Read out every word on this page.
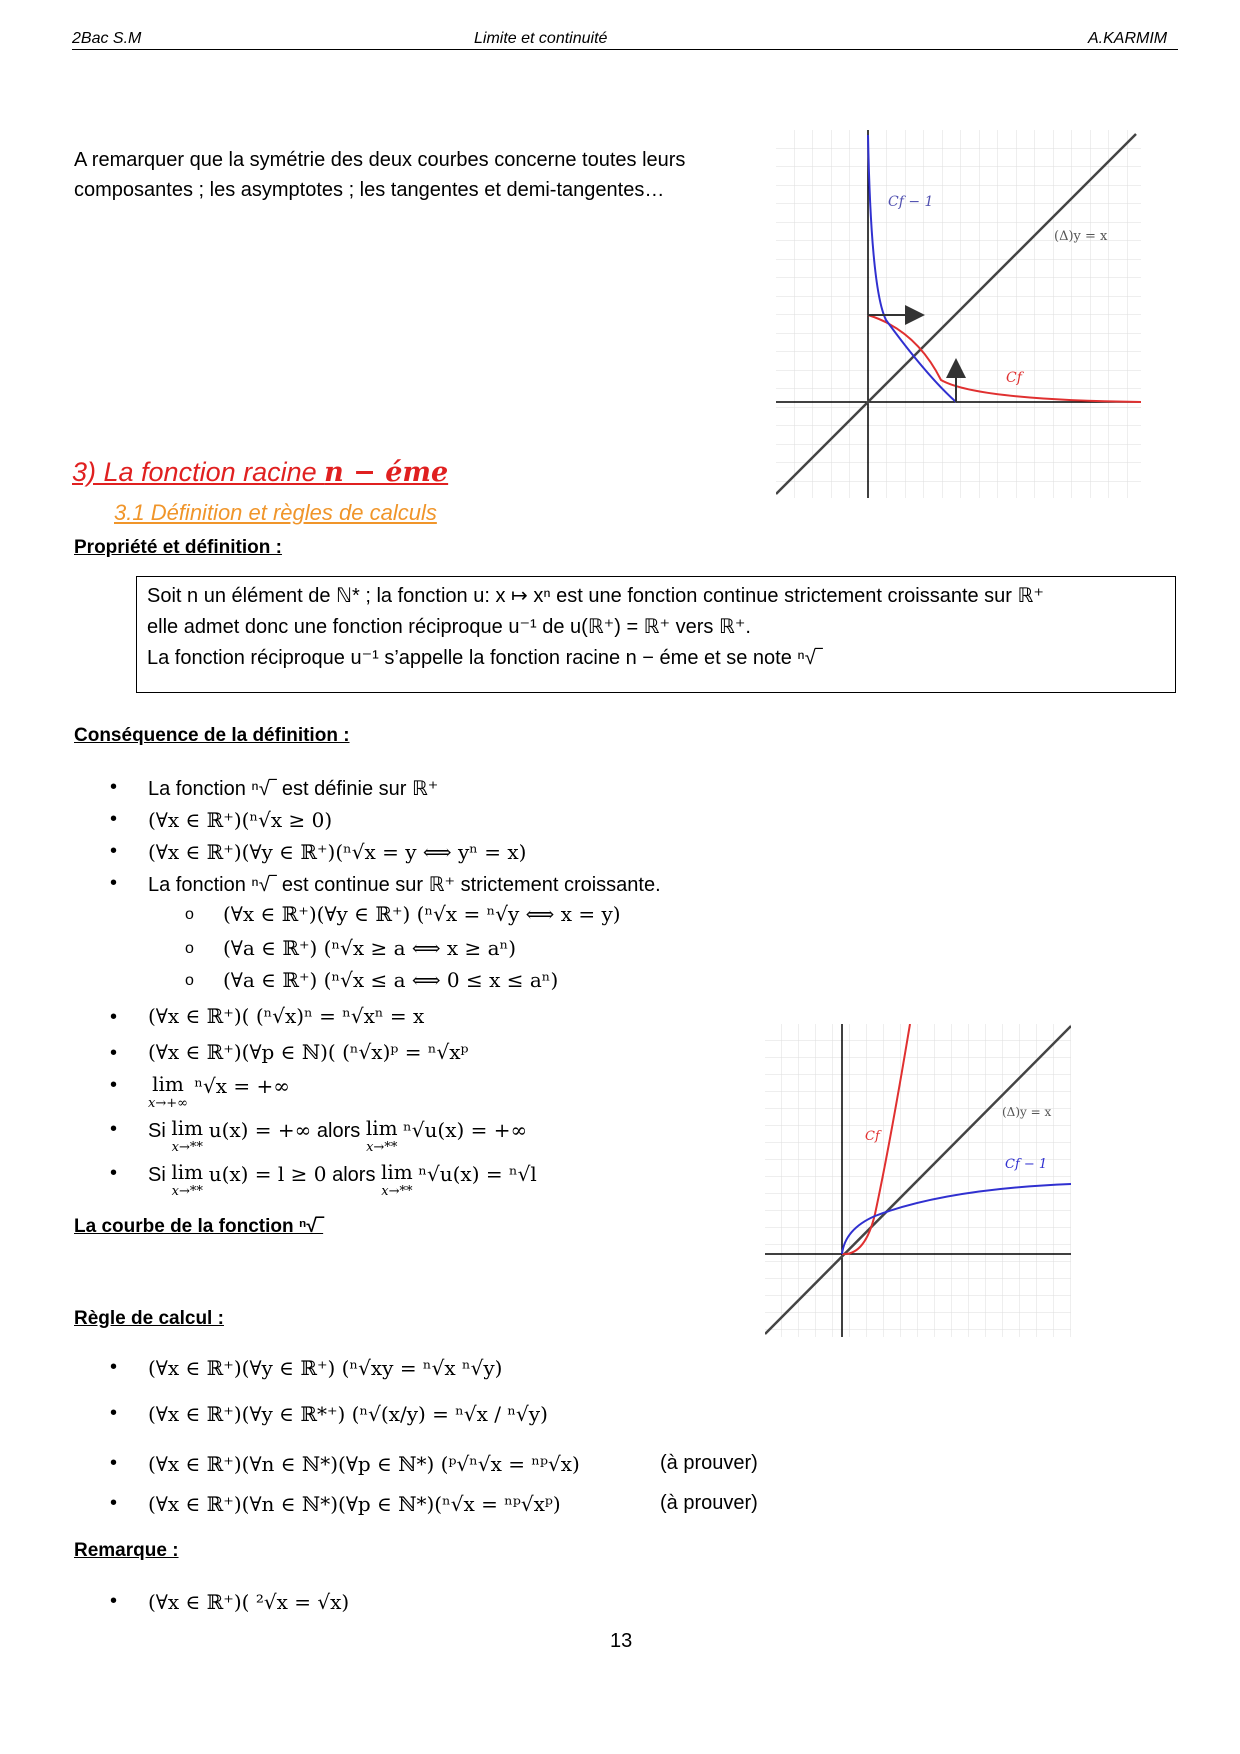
2Bac S.M	Limite et continuité	A.KARMIM
A remarquer que la symétrie des deux courbes concerne toutes leurs composantes ; les asymptotes ; les tangentes et demi-tangentes…
Cf − 1
(Δ)y = x
Cf
3) La fonction racine n − éme
3.1 Définition et règles de calculs
Propriété et définition :
Soit n un élément de ℕ* ; la fonction u: x ↦ xⁿ est une fonction continue strictement croissante sur ℝ⁺
elle admet donc une fonction réciproque u⁻¹ de u(ℝ⁺) = ℝ⁺ vers ℝ⁺.
La fonction réciproque u⁻¹ s’appelle la fonction racine n − éme et se note ⁿ√‾
Conséquence de la définition :
• La fonction ⁿ√‾ est définie sur ℝ⁺
• (∀x ∈ ℝ⁺)(ⁿ√x ≥ 0)
• (∀x ∈ ℝ⁺)(∀y ∈ ℝ⁺)(ⁿ√x = y ⟺ yⁿ = x)
• La fonction ⁿ√‾ est continue sur ℝ⁺ strictement croissante.
o (∀x ∈ ℝ⁺)(∀y ∈ ℝ⁺) (ⁿ√x = ⁿ√y ⟺ x = y)
o (∀a ∈ ℝ⁺) (ⁿ√x ≥ a ⟺ x ≥ aⁿ)
o (∀a ∈ ℝ⁺) (ⁿ√x ≤ a ⟺ 0 ≤ x ≤ aⁿ)
• (∀x ∈ ℝ⁺)( (ⁿ√x)ⁿ = ⁿ√xⁿ = x
• (∀x ∈ ℝ⁺)(∀p ∈ ℕ)( (ⁿ√x)ᵖ = ⁿ√xᵖ
• lim
x→+∞
ⁿ√x = +∞
• Si lim
x→**
u(x) = +∞ alors lim
x→**
ⁿ√u(x) = +∞
• Si lim
x→**
u(x) = l ≥ 0 alors lim
x→**
ⁿ√u(x) = ⁿ√l
La courbe de la fonction ⁿ√‾
(Δ)y = x
Cf
Cf − 1
Règle de calcul :
• (∀x ∈ ℝ⁺)(∀y ∈ ℝ⁺) (ⁿ√xy = ⁿ√x ⁿ√y)
• (∀x ∈ ℝ⁺)(∀y ∈ ℝ*⁺) (ⁿ√(x/y) = ⁿ√x / ⁿ√y)
• (∀x ∈ ℝ⁺)(∀n ∈ ℕ*)(∀p ∈ ℕ*) (ᵖ√ⁿ√x = ⁿᵖ√x)	(à prouver)
• (∀x ∈ ℝ⁺)(∀n ∈ ℕ*)(∀p ∈ ℕ*)(ⁿ√x = ⁿᵖ√xᵖ)	(à prouver)
Remarque :
• (∀x ∈ ℝ⁺)( ²√x = √x)
13
